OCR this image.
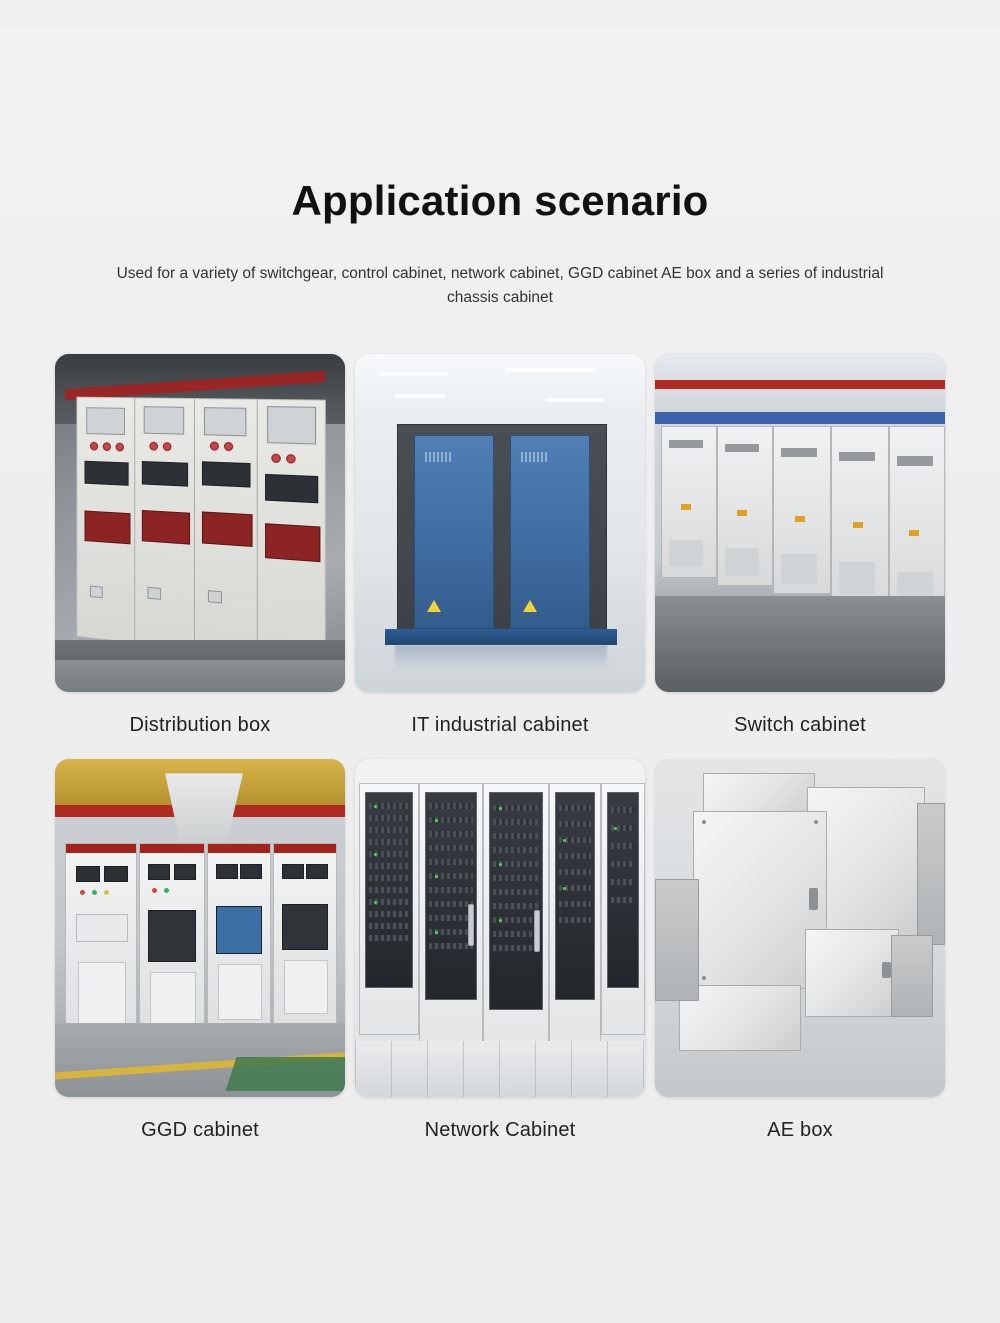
Application scenario

Used for a variety of switchgear, control cabinet, network cabinet, GGD cabinet AE box and a series of industrial chassis cabinet

Distribution box	IT industrial cabinet	Switch cabinet
GGD cabinet	Network Cabinet	AE box
